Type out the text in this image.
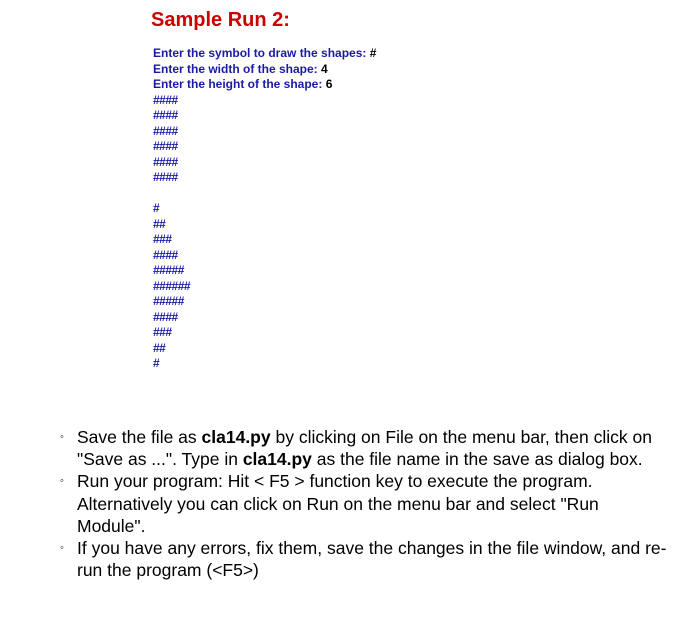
Sample Run 2:
Enter the symbol to draw the shapes: #
Enter the width of the shape: 4
Enter the height of the shape: 6
####
####
####
####
####
####
#
##
###
####
#####
######
#####
####
###
##
#
◦ Save the file as cla14.py by clicking on File on the menu bar, then click on "Save as ...". Type in cla14.py as the file name in the save as dialog box.
◦ Run your program: Hit < F5 > function key to execute the program. Alternatively you can click on Run on the menu bar and select "Run Module".
◦ If you have any errors, fix them, save the changes in the file window, and re-run the program (<F5>)
